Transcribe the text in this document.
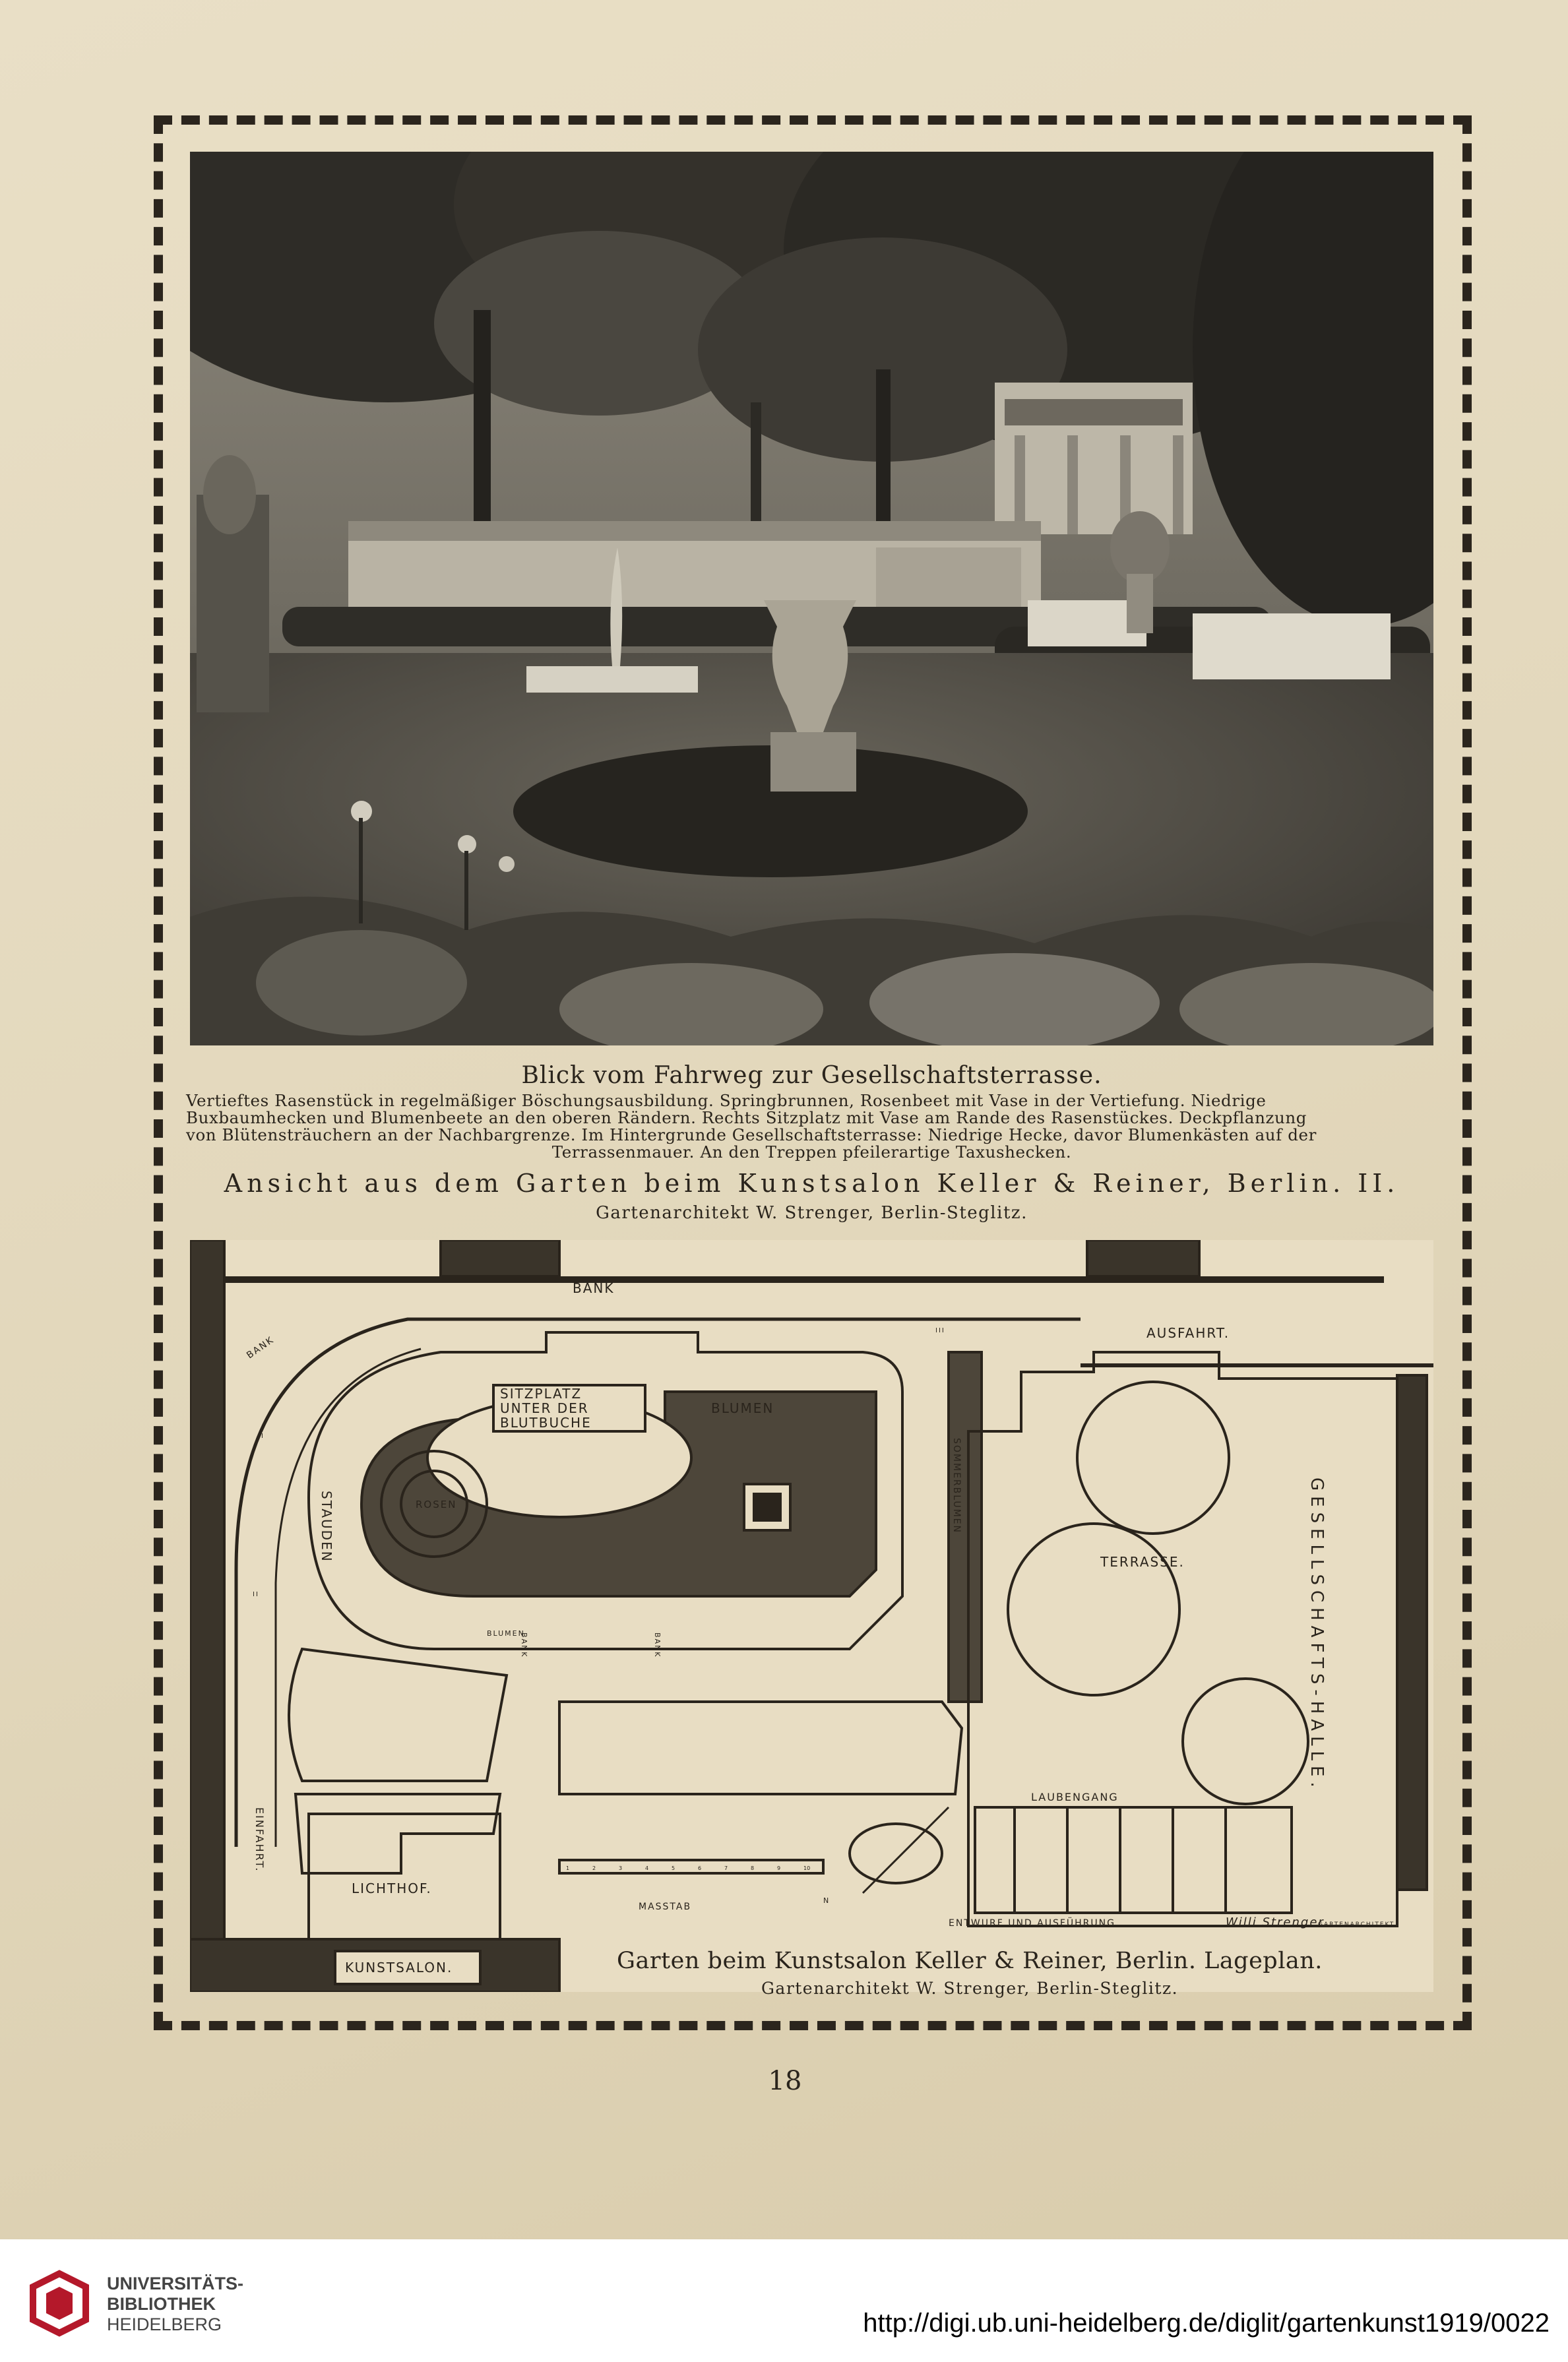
Blick vom Fahrweg zur Gesellschaftsterrasse.
Vertieftes Rasenstück in regelmäßiger Böschungsausbildung. Springbrunnen, Rosenbeet mit Vase in der Vertiefung. Niedrige
Buxbaumhecken und Blumenbeete an den oberen Rändern. Rechts Sitzplatz mit Vase am Rande des Rasenstückes. Deckpflanzung
von Blütensträuchern an der Nachbargrenze. Im Hintergrunde Gesellschaftsterrasse: Niedrige Hecke, davor Blumenkästen auf der
Terrassenmauer. An den Treppen pfeilerartige Taxushecken.
Ansicht aus dem Garten beim Kunstsalon Keller & Reiner, Berlin. II.
Gartenarchitekt W. Strenger, Berlin-Steglitz.
BANK
BANK
AUSFAHRT.
SITZPLATZ
UNTER DER
BLUTBUCHE
BLUMEN
STAUDEN	ROSEN
BLUMEN
BANK	BANK
SOMMERBLUMEN
TERRASSE.	GESELLSCHAFTS-HALLE.
LAUBENGANG
EINFAHRT.
LICHTHOF.
KUNSTSALON.
MASSTAB
ENTWURF UND AUSFÜHRUNG	Willi Strenger
GARTENARCHITEKT
N
I
II
III
1	2	3	4	5	6	7	8	9	10
Garten beim Kunstsalon Keller & Reiner, Berlin. Lageplan.
Gartenarchitekt W. Strenger, Berlin-Steglitz.
18
UNIVERSITÄTS-
BIBLIOTHEK
HEIDELBERG	http://digi.ub.uni-heidelberg.de/diglit/gartenkunst1919/0022
